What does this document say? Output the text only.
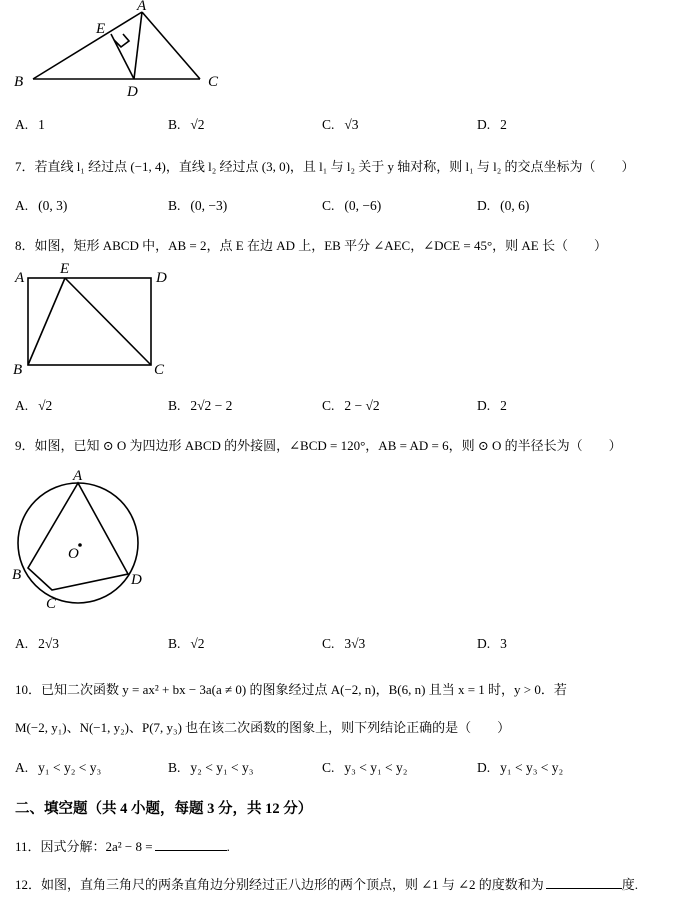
A
E
B
D
C
A. 1	B. √2	C. √3	D. 2
7．若直线 l₁ 经过点 (−1, 4)，直线 l₂ 经过点 (3, 0)，且 l₁ 与 l₂ 关于 y 轴对称，则 l₁ 与 l₂ 的交点坐标为（　　）
A. (0, 3)	B. (0, −3)	C. (0, −6)	D. (0, 6)
8．如图，矩形 ABCD 中，AB = 2，点 E 在边 AD 上，EB 平分 ∠AEC，∠DCE = 45°，则 AE 长（　　）
A
E
D
B	C
A. √2	B. 2√2 − 2	C. 2 − √2	D. 2
9．如图，已知 ⊙ O 为四边形 ABCD 的外接圆，∠BCD = 120°，AB = AD = 6，则 ⊙ O 的半径长为（　　）
A
O
B	D
C
A. 2√3	B. √2	C. 3√3	D. 3
10．已知二次函数 y = ax² + bx − 3a(a ≠ 0) 的图象经过点 A(−2, n)，B(6, n) 且当 x = 1 时，y > 0．若
M(−2, y₁)、N(−1, y₂)、P(7, y₃) 也在该二次函数的图象上，则下列结论正确的是（　　）
A. y₁ < y₂ < y₃	B. y₂ < y₁ < y₃	C. y₃ < y₁ < y₂	D. y₁ < y₃ < y₂
二、填空题（共 4 小题，每题 3 分，共 12 分）
11．因式分解：2a² − 8 =	.
12．如图，直角三角尺的两条直角边分别经过正八边形的两个顶点，则 ∠1 与 ∠2 的度数和为	度.
